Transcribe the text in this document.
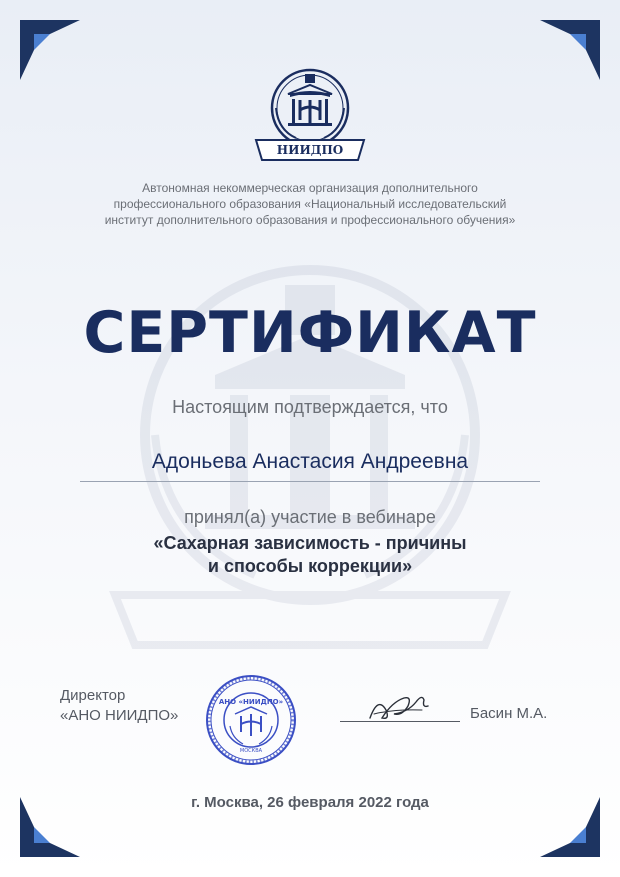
НИИДПО
Автономная некоммерческая организация дополнительного
профессионального образования «Национальный исследовательский
институт дополнительного образования и профессионального обучения»
СЕРТИФИКАТ
Настоящим подтверждается, что
Адоньева Анастасия Андреевна
принял(а) участие в вебинаре
«Сахарная зависимость - причины
и способы коррекции»
Директор
«АНО НИИДПО»
АНО «НИИДПО»
МОСКВА
Басин М.А.
г. Москва, 26 февраля 2022 года
